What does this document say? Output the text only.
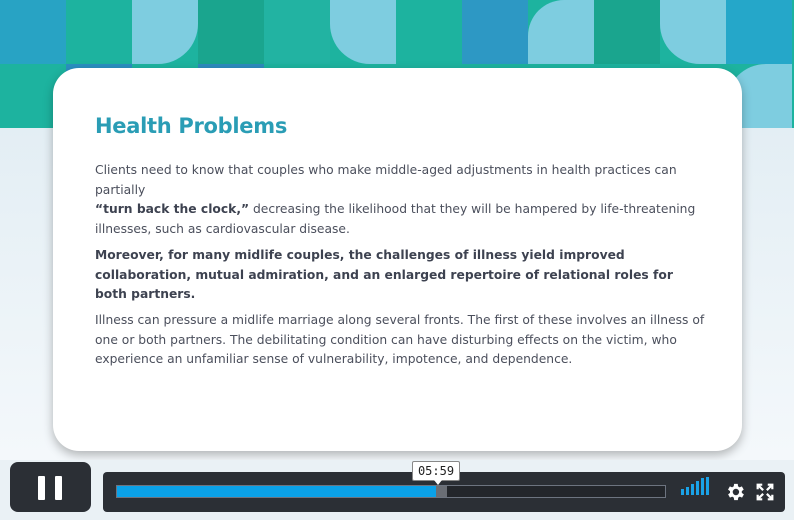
Health Problems

Clients need to know that couples who make middle-aged adjustments in health practices can partially
“turn back the clock,” decreasing the likelihood that they will be hampered by life-threatening illnesses, such as cardiovascular disease.

Moreover, for many midlife couples, the challenges of illness yield improved collaboration, mutual admiration, and an enlarged repertoire of relational roles for both partners.

Illness can pressure a midlife marriage along several fronts. The first of these involves an illness of one or both partners. The debilitating condition can have disturbing effects on the victim, who experience an unfamiliar sense of vulnerability, impotence, and dependence.

05:59
